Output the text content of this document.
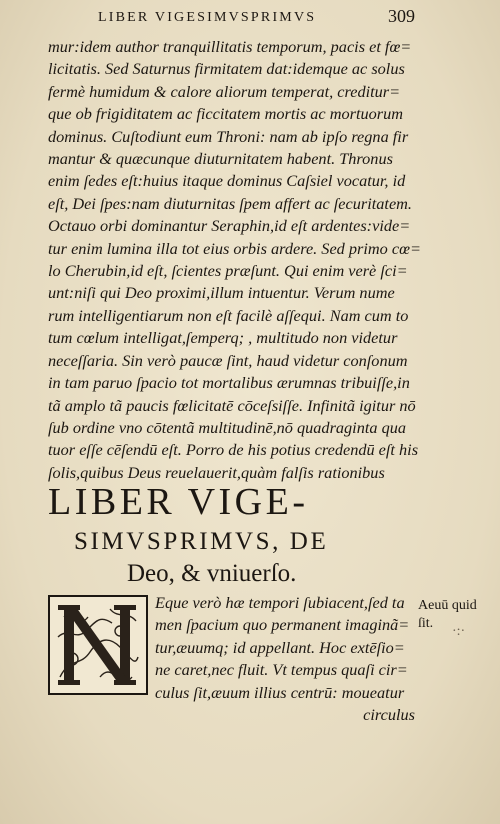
LIBER VIGESIMVSPRIMVS	309
mur:idem author tranquillitatis temporum, pacis et fœ=
licitatis. Sed Saturnus firmitatem dat:idemque ac solus
fermè humidum & calore aliorum temperat, creditur=
que ob frigiditatem ac ficcitatem mortis ac mortuorum
dominus. Cuſtodiunt eum Throni: nam ab ipſo regna fir
mantur & quæcunque diuturnitatem habent. Thronus
enim ſedes eſt:huius itaque dominus Caſsiel vocatur, id
eſt, Dei ſpes:nam diuturnitas ſpem affert ac ſecuritatem.
Octauo orbi dominantur Seraphin,id eſt ardentes:vide=
tur enim lumina illa tot eius orbis ardere. Sed primo cœ=
lo Cherubin,id eſt, ſcientes præſunt. Qui enim verè ſci=
unt:niſi qui Deo proximi,illum intuentur. Verum nume
rum intelligentiarum non eſt facilè aſſequi. Nam cum to
tum cœlum intelligat,ſemperq; , multitudo non videtur
neceſſaria. Sin verò paucæ ſint, haud videtur conſonum
in tam paruo ſpacio tot mortalibus ærumnas tribuiſſe,in
tã amplo tã paucis fœlicitatē cōceſsiſſe. Infinitã igitur nō
ſub ordine vno cōtentã multitudinē,nō quadraginta qua
tuor eſſe cēſendū eſt. Porro de his potius credendū eſt his
ſolis,quibus Deus reuelauerit,quàm falſis rationibus
LIBER VIGE-
SIMVSPRIMVS, DE
Deo, & vniuerſo.
Eque verò hæ tempori ſubiacent,ſed ta
men ſpacium quo permanent imaginã=
tur,æuumq; id appellant. Hoc extēſio=
ne caret,nec fluit. Vt tempus quaſi cir=
culus ſit,æuum illius centrū: moueatur
circulus
Aeuū quid
ſit.
·:·
